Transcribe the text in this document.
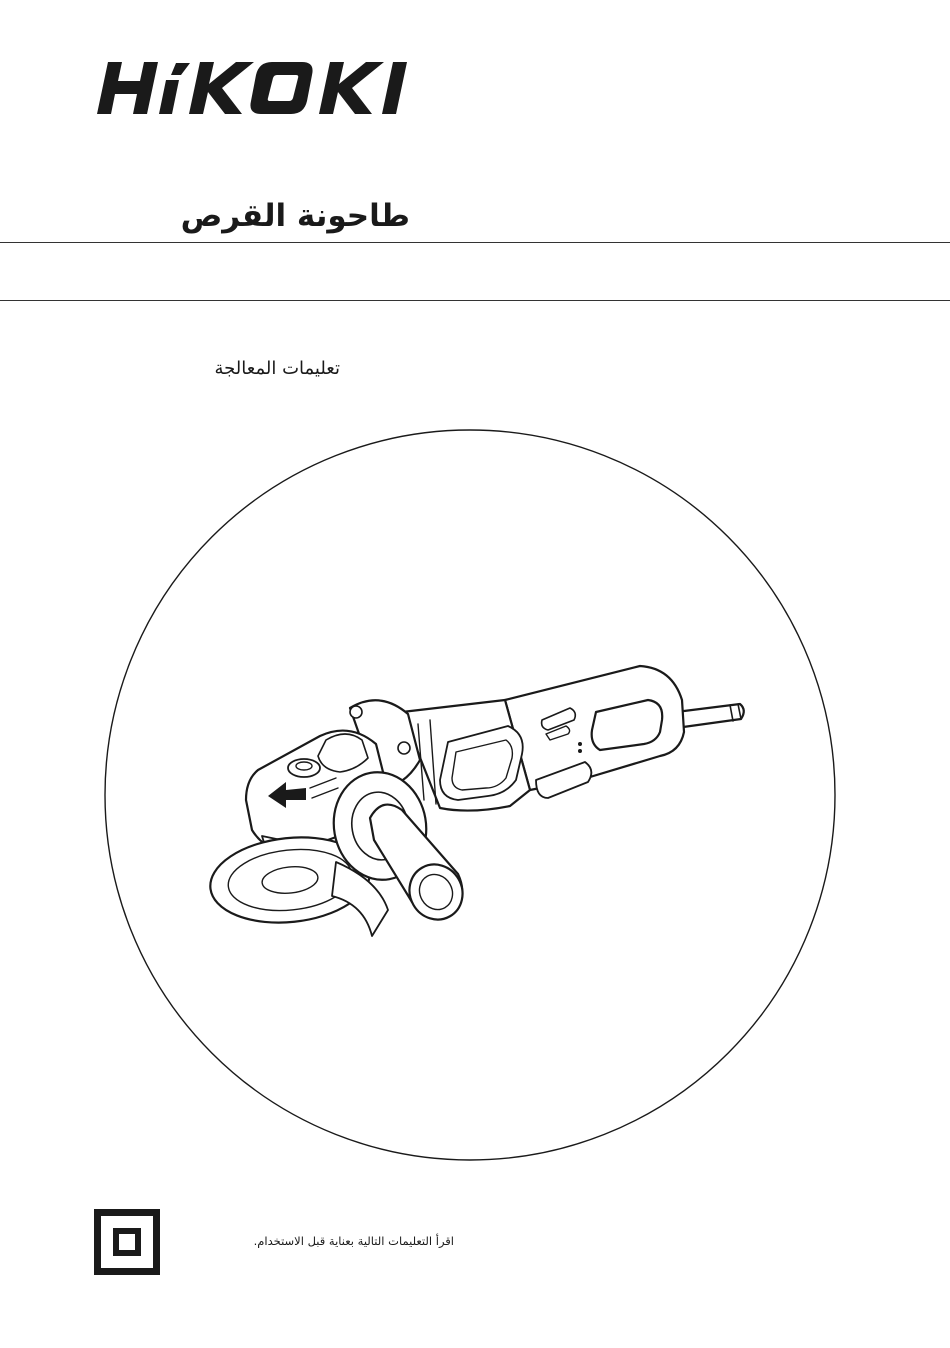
طاحونة القرص
تعليمات المعالجة
اقرأ التعليمات التالية بعناية قبل الاستخدام.
